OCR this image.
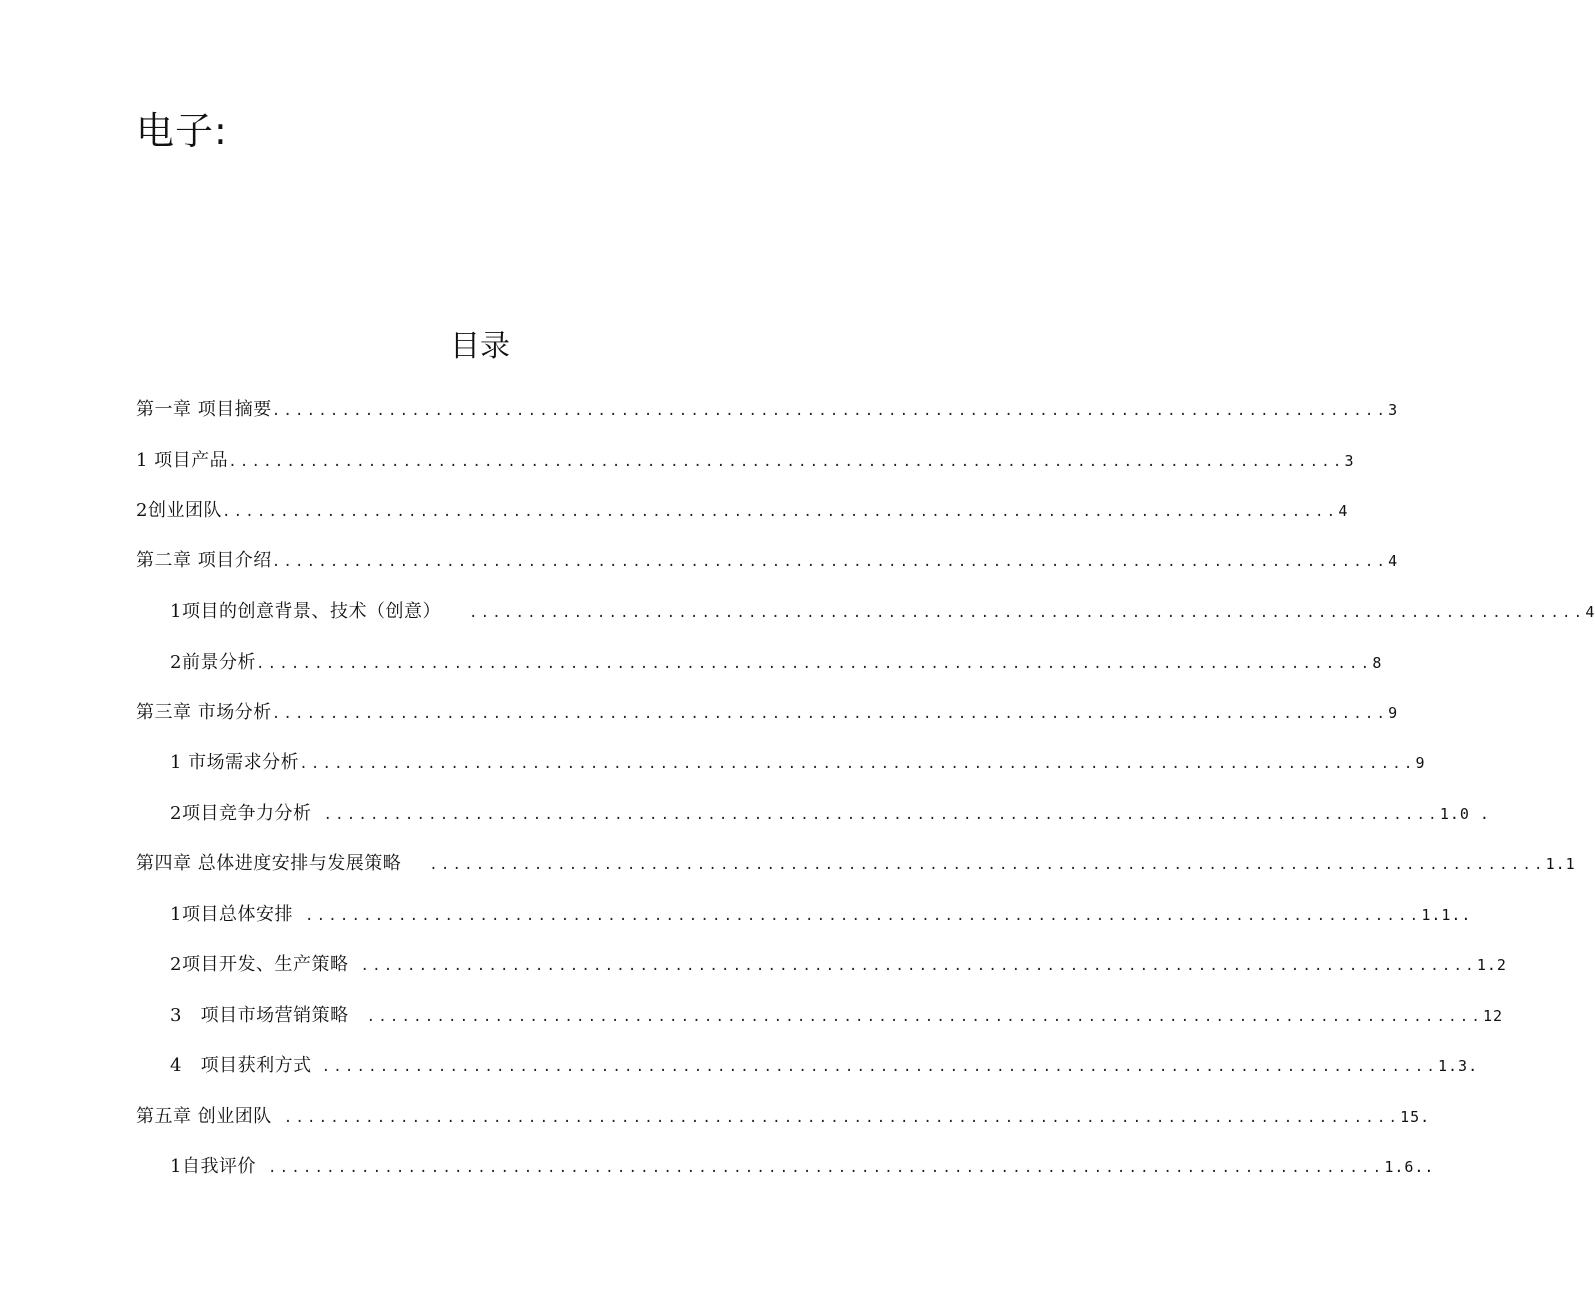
电子:
目录
第一章 项目摘要 ................................................................................................ 3
1 项目产品 ................................................................................................ 3
2创业团队 ................................................................................................ 4
第二章 项目介绍 ................................................................................................ 4
1项目的创意背景、技术（创意） ................................................................................................ 4
2前景分析 ................................................................................................ 8
第三章 市场分析 ................................................................................................ 9
1 市场需求分析 ................................................................................................ 9
2项目竞争力分析 ................................................................................................ 1.0 .
第四章 总体进度安排与发展策略 ................................................................................................ 1.1
1项目总体安排 ................................................................................................ 1.1..
2项目开发、生产策略 ................................................................................................ 1.2
3   项目市场营销策略 ................................................................................................ 12
4   项目获利方式 ................................................................................................ 1.3.
第五章 创业团队 ................................................................................................ 15.
1自我评价 ................................................................................................ 1.6..
